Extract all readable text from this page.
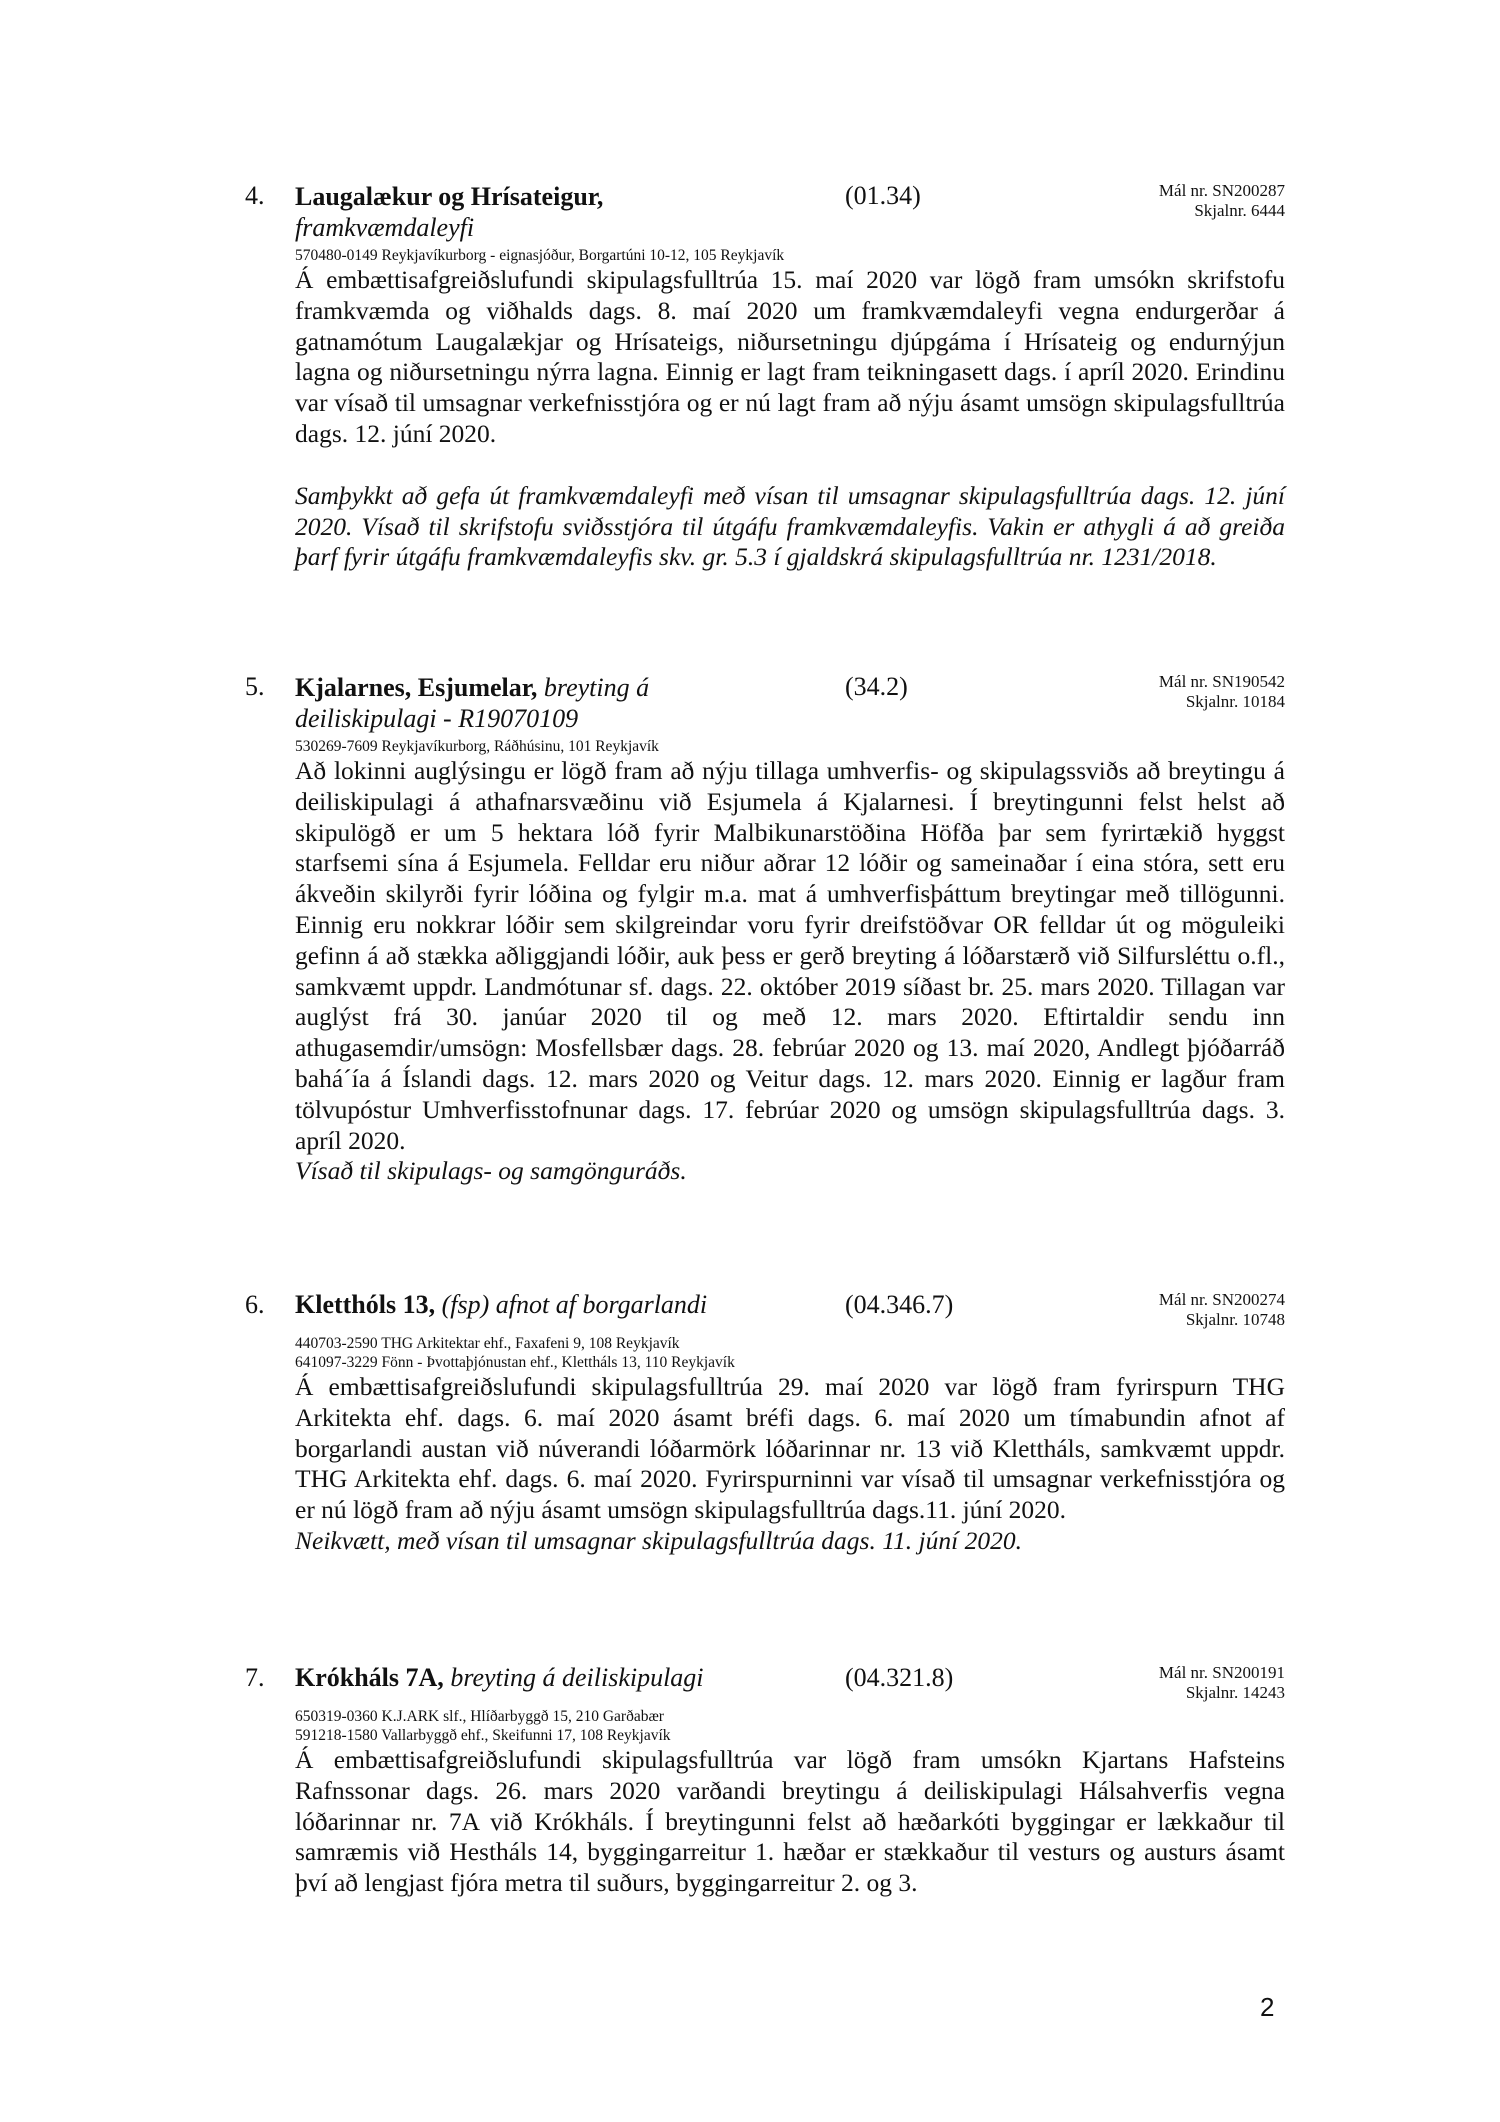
4. Laugalækur og Hrísateigur,
framkvæmdaleyfi
(01.34)	Mál nr. SN200287
Skjalnr. 6444
570480-0149 Reykjavíkurborg - eignasjóður, Borgartúni 10-12, 105 Reykjavík
Á embættisafgreiðslufundi skipulagsfulltrúa 15. maí 2020 var lögð fram umsókn skrifstofu framkvæmda og viðhalds dags. 8. maí 2020 um framkvæmdaleyfi vegna endurgerðar á gatnamótum Laugalækjar og Hrísateigs, niðursetningu djúpgáma í Hrísateig og endurnýjun lagna og niðursetningu nýrra lagna. Einnig er lagt fram teikningasett dags. í apríl 2020. Erindinu var vísað til umsagnar verkefnisstjóra og er nú lagt fram að nýju ásamt umsögn skipulagsfulltrúa dags. 12. júní 2020.
Samþykkt að gefa út framkvæmdaleyfi með vísan til umsagnar skipulagsfulltrúa dags. 12. júní 2020. Vísað til skrifstofu sviðsstjóra til útgáfu framkvæmdaleyfis. Vakin er athygli á að greiða þarf fyrir útgáfu framkvæmdaleyfis skv. gr. 5.3 í gjaldskrá skipulagsfulltrúa nr. 1231/2018.
5. Kjalarnes, Esjumelar, breyting á deiliskipulagi - R19070109
(34.2)	Mál nr. SN190542
Skjalnr. 10184
530269-7609 Reykjavíkurborg, Ráðhúsinu, 101 Reykjavík
Að lokinni auglýsingu er lögð fram að nýju tillaga umhverfis- og skipulagssviðs að breytingu á deiliskipulagi á athafnarsvæðinu við Esjumela á Kjalarnesi. Í breytingunni felst helst að skipulögð er um 5 hektara lóð fyrir Malbikunarstöðina Höfða þar sem fyrirtækið hyggst starfsemi sína á Esjumela. Felldar eru niður aðrar 12 lóðir og sameinaðar í eina stóra, sett eru ákveðin skilyrði fyrir lóðina og fylgir m.a. mat á umhverfisþáttum breytingar með tillögunni. Einnig eru nokkrar lóðir sem skilgreindar voru fyrir dreifstöðvar OR felldar út og möguleiki gefinn á að stækka aðliggjandi lóðir, auk þess er gerð breyting á lóðarstærð við Silfursléttu o.fl., samkvæmt uppdr. Landmótunar sf. dags. 22. október 2019 síðast br. 25. mars 2020. Tillagan var auglýst frá 30. janúar 2020 til og með 12. mars 2020. Eftirtaldir sendu inn athugasemdir/umsögn: Mosfellsbær dags. 28. febrúar 2020 og 13. maí 2020, Andlegt þjóðarráð bahá´ía á Íslandi dags. 12. mars 2020 og Veitur dags. 12. mars 2020. Einnig er lagður fram tölvupóstur Umhverfisstofnunar dags. 17. febrúar 2020 og umsögn skipulagsfulltrúa dags. 3. apríl 2020.
Vísað til skipulags- og samgönguráðs.
6. Kletthóls 13, (fsp) afnot af borgarlandi	(04.346.7)	Mál nr. SN200274
Skjalnr. 10748
440703-2590 THG Arkitektar ehf., Faxafeni 9, 108 Reykjavík
641097-3229 Fönn - Þvottaþjónustan ehf., Klettháls 13, 110 Reykjavík
Á embættisafgreiðslufundi skipulagsfulltrúa 29. maí 2020 var lögð fram fyrirspurn THG Arkitekta ehf. dags. 6. maí 2020 ásamt bréfi dags. 6. maí 2020 um tímabundin afnot af borgarlandi austan við núverandi lóðarmörk lóðarinnar nr. 13 við Klettháls, samkvæmt uppdr. THG Arkitekta ehf. dags. 6. maí 2020. Fyrirspurninni var vísað til umsagnar verkefnisstjóra og er nú lögð fram að nýju ásamt umsögn skipulagsfulltrúa dags.11. júní 2020.
Neikvætt, með vísan til umsagnar skipulagsfulltrúa dags. 11. júní 2020.
7. Krókháls 7A, breyting á deiliskipulagi	(04.321.8)	Mál nr. SN200191
Skjalnr. 14243
650319-0360 K.J.ARK slf., Hlíðarbyggð 15, 210 Garðabær
591218-1580 Vallarbyggð ehf., Skeifunni 17, 108 Reykjavík
Á embættisafgreiðslufundi skipulagsfulltrúa var lögð fram umsókn Kjartans Hafsteins Rafnssonar dags. 26. mars 2020 varðandi breytingu á deiliskipulagi Hálsahverfis vegna lóðarinnar nr. 7A við Krókháls. Í breytingunni felst að hæðarkóti byggingar er lækkaður til samræmis við Hestháls 14, byggingarreitur 1. hæðar er stækkaður til vesturs og austurs ásamt því að lengjast fjóra metra til suðurs, byggingarreitur 2. og 3.
2
